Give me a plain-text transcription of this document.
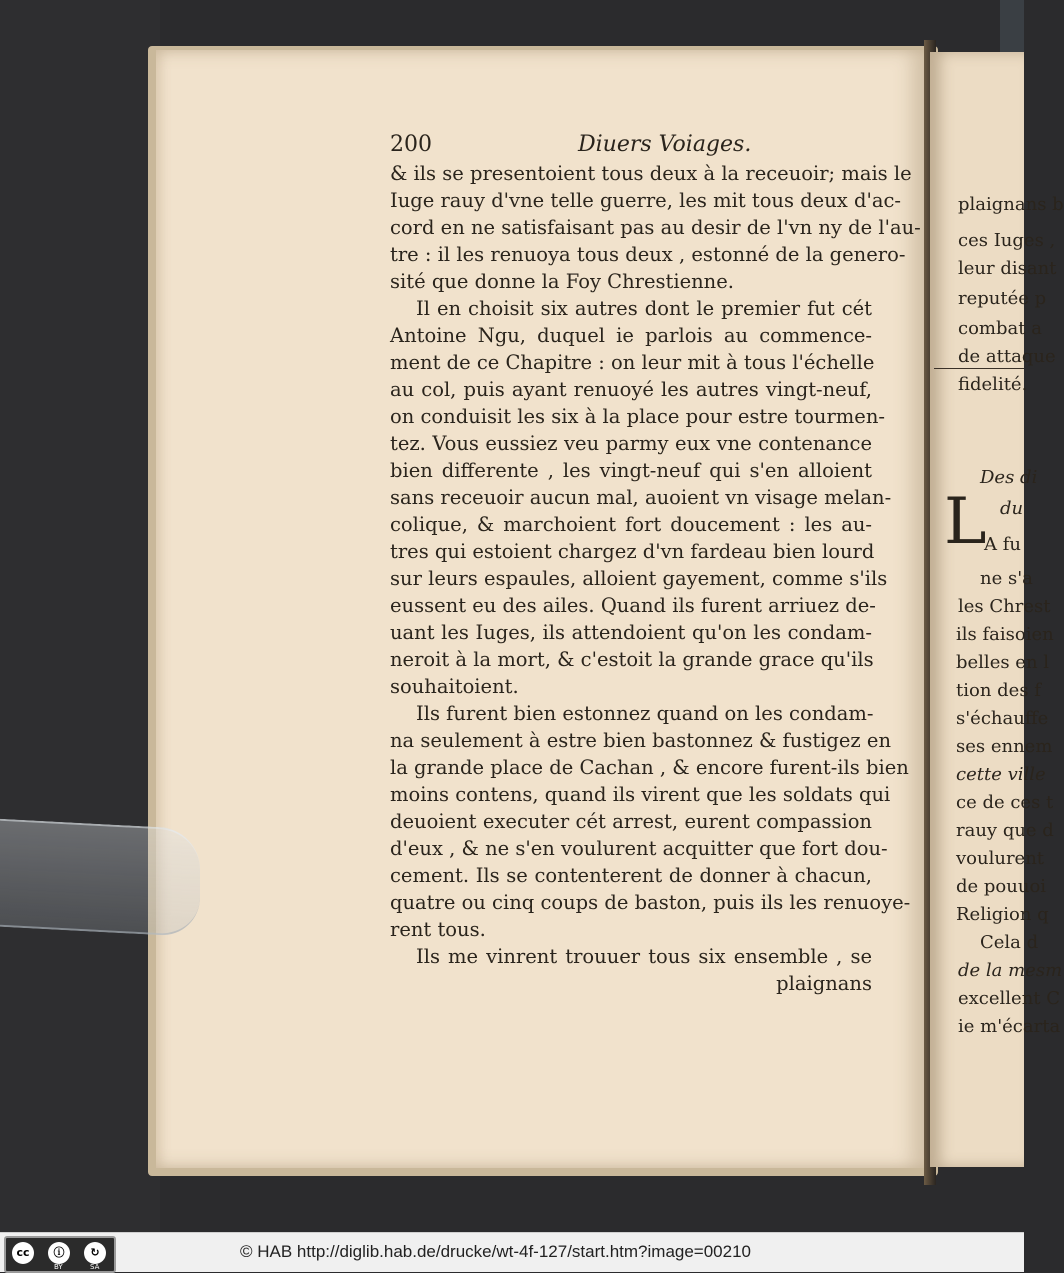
200	Diuers Voiages.
& ils se presentoient tous deux à la receuoir; mais le
Iuge rauy d'vne telle guerre, les mit tous deux d'ac-
cord en ne satisfaisant pas au desir de l'vn ny de l'au-
tre : il les renuoya tous deux , estonné de la genero-
sité que donne la Foy Chrestienne.
Il en choisit six autres dont le premier fut cét
Antoine Ngu, duquel ie parlois au commence-
ment de ce Chapitre : on leur mit à tous l'échelle
au col, puis ayant renuoyé les autres vingt-neuf,
on conduisit les six à la place pour estre tourmen-
tez. Vous eussiez veu parmy eux vne contenance
bien differente , les vingt-neuf qui s'en alloient
sans receuoir aucun mal, auoient vn visage melan-
colique, & marchoient fort doucement : les au-
tres qui estoient chargez d'vn fardeau bien lourd
sur leurs espaules, alloient gayement, comme s'ils
eussent eu des ailes. Quand ils furent arriuez de-
uant les Iuges, ils attendoient qu'on les condam-
neroit à la mort, & c'estoit la grande grace qu'ils
souhaitoient.
Ils furent bien estonnez quand on les condam-
na seulement à estre bien bastonnez & fustigez en
la grande place de Cachan , & encore furent-ils bien
moins contens, quand ils virent que les soldats qui
deuoient executer cét arrest, eurent compassion
d'eux , & ne s'en voulurent acquitter que fort dou-
cement. Ils se contenterent de donner à chacun,
quatre ou cinq coups de baston, puis ils les renuoye-
rent tous.
Ils me vinrent trouuer tous six ensemble , se
plaignans
L
plaignans b
ces Iuges ,
leur disant
reputée p
combat a
de attaque
fidelité.
Des di
du
A fu
ne s'a
les Chrest
ils faisoien
belles en l
tion des f
s'échauffe
ses ennem
cette ville
ce de ces t
rauy que d
voulurent
de pouuoi
Religion q
Cela d
de la mesm
excellent C
ie m'écarta
cc	ⓘ	↻
BY	SA
© HAB http://diglib.hab.de/drucke/wt-4f-127/start.htm?image=00210
